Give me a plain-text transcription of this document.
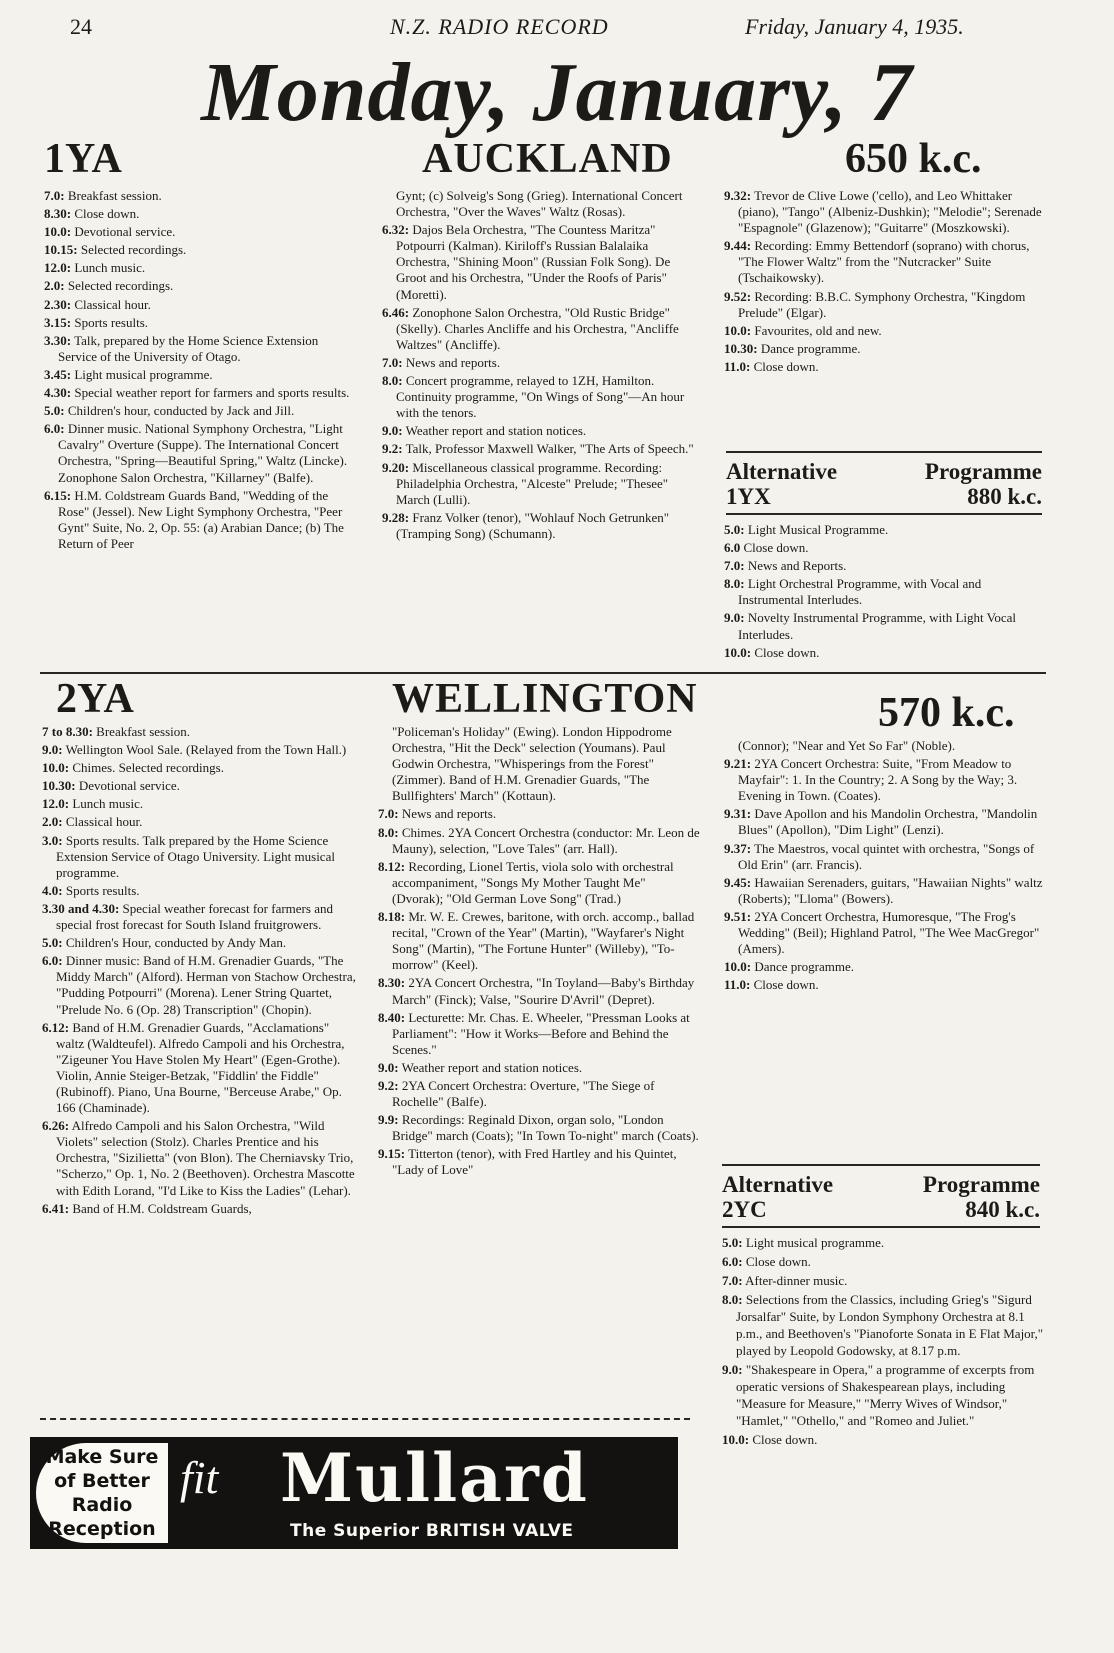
24	N.Z. RADIO RECORD	Friday, January 4, 1935.
Monday, January, 7
1YA	AUCKLAND	650 k.c.

7.0: Breakfast session.

8.30: Close down.

10.0: Devotional service.

10.15: Selected recordings.

12.0: Lunch music.

2.0: Selected recordings.

2.30: Classical hour.

3.15: Sports results.

3.30: Talk, prepared by the Home Science Extension Service of the University of Otago.

3.45: Light musical programme.

4.30: Special weather report for farmers and sports results.

5.0: Children's hour, conducted by Jack and Jill.

6.0: Dinner music. National Symphony Orchestra, "Light Cavalry" Overture (Suppe). The International Concert Orchestra, "Spring—Beautiful Spring," Waltz (Lincke). Zonophone Salon Orchestra, "Killarney" (Balfe).

6.15: H.M. Coldstream Guards Band, "Wedding of the Rose" (Jessel). New Light Symphony Orchestra, "Peer Gynt" Suite, No. 2, Op. 55: (a) Arabian Dance; (b) The Return of Peer

Gynt; (c) Solveig's Song (Grieg). International Concert Orchestra, "Over the Waves" Waltz (Rosas).

6.32: Dajos Bela Orchestra, "The Countess Maritza" Potpourri (Kalman). Kiriloff's Russian Balalaika Orchestra, "Shining Moon" (Russian Folk Song). De Groot and his Orchestra, "Under the Roofs of Paris" (Moretti).

6.46: Zonophone Salon Orchestra, "Old Rustic Bridge" (Skelly). Charles Ancliffe and his Orchestra, "Ancliffe Waltzes" (Ancliffe).

7.0: News and reports.

8.0: Concert programme, relayed to 1ZH, Hamilton. Continuity programme, "On Wings of Song"—An hour with the tenors.

9.0: Weather report and station notices.

9.2: Talk, Professor Maxwell Walker, "The Arts of Speech."

9.20: Miscellaneous classical programme. Recording: Philadelphia Orchestra, "Alceste" Prelude; "Thesee" March (Lulli).

9.28: Franz Volker (tenor), "Wohlauf Noch Getrunken" (Tramping Song) (Schumann).

9.32: Trevor de Clive Lowe ('cello), and Leo Whittaker (piano), "Tango" (Albeniz-Dushkin); "Melodie"; Serenade "Espagnole" (Glazenow); "Guitarre" (Moszkowski).

9.44: Recording: Emmy Bettendorf (soprano) with chorus, "The Flower Waltz" from the "Nutcracker" Suite (Tschaikowsky).

9.52: Recording: B.B.C. Symphony Orchestra, "Kingdom Prelude" (Elgar).

10.0: Favourites, old and new.

10.30: Dance programme.

11.0: Close down.

Alternative	Programme
1YX	880 k.c.

5.0: Light Musical Programme.

6.0 Close down.

7.0: News and Reports.

8.0: Light Orchestral Programme, with Vocal and Instrumental Interludes.

9.0: Novelty Instrumental Programme, with Light Vocal Interludes.

10.0: Close down.

2YA	WELLINGTON	570 k.c.

7 to 8.30: Breakfast session.

9.0: Wellington Wool Sale. (Relayed from the Town Hall.)

10.0: Chimes. Selected recordings.

10.30: Devotional service.

12.0: Lunch music.

2.0: Classical hour.

3.0: Sports results. Talk prepared by the Home Science Extension Service of Otago University. Light musical programme.

4.0: Sports results.

3.30 and 4.30: Special weather forecast for farmers and special frost forecast for South Island fruitgrowers.

5.0: Children's Hour, conducted by Andy Man.

6.0: Dinner music: Band of H.M. Grenadier Guards, "The Middy March" (Alford). Herman von Stachow Orchestra, "Pudding Potpourri" (Morena). Lener String Quartet, "Prelude No. 6 (Op. 28) Transcription" (Chopin).

6.12: Band of H.M. Grenadier Guards, "Acclamations" waltz (Waldteufel). Alfredo Campoli and his Orchestra, "Zigeuner You Have Stolen My Heart" (Egen-Grothe). Violin, Annie Steiger-Betzak, "Fiddlin' the Fiddle" (Rubinoff). Piano, Una Bourne, "Berceuse Arabe," Op. 166 (Chaminade).

6.26: Alfredo Campoli and his Salon Orchestra, "Wild Violets" selection (Stolz). Charles Prentice and his Orchestra, "Sizilietta" (von Blon). The Cherniavsky Trio, "Scherzo," Op. 1, No. 2 (Beethoven). Orchestra Mascotte with Edith Lorand, "I'd Like to Kiss the Ladies" (Lehar).

6.41: Band of H.M. Coldstream Guards,

"Policeman's Holiday" (Ewing). London Hippodrome Orchestra, "Hit the Deck" selection (Youmans). Paul Godwin Orchestra, "Whisperings from the Forest" (Zimmer). Band of H.M. Grenadier Guards, "The Bullfighters' March" (Kottaun).

7.0: News and reports.

8.0: Chimes. 2YA Concert Orchestra (conductor: Mr. Leon de Mauny), selection, "Love Tales" (arr. Hall).

8.12: Recording, Lionel Tertis, viola solo with orchestral accompaniment, "Songs My Mother Taught Me" (Dvorak); "Old German Love Song" (Trad.)

8.18: Mr. W. E. Crewes, baritone, with orch. accomp., ballad recital, "Crown of the Year" (Martin), "Wayfarer's Night Song" (Martin), "The Fortune Hunter" (Willeby), "To-morrow" (Keel).

8.30: 2YA Concert Orchestra, "In Toyland—Baby's Birthday March" (Finck); Valse, "Sourire D'Avril" (Depret).

8.40: Lecturette: Mr. Chas. E. Wheeler, "Pressman Looks at Parliament": "How it Works—Before and Behind the Scenes."

9.0: Weather report and station notices.

9.2: 2YA Concert Orchestra: Overture, "The Siege of Rochelle" (Balfe).

9.9: Recordings: Reginald Dixon, organ solo, "London Bridge" march (Coats); "In Town To-night" march (Coats).

9.15: Titterton (tenor), with Fred Hartley and his Quintet, "Lady of Love"

(Connor); "Near and Yet So Far" (Noble).

9.21: 2YA Concert Orchestra: Suite, "From Meadow to Mayfair": 1. In the Country; 2. A Song by the Way; 3. Evening in Town. (Coates).

9.31: Dave Apollon and his Mandolin Orchestra, "Mandolin Blues" (Apollon), "Dim Light" (Lenzi).

9.37: The Maestros, vocal quintet with orchestra, "Songs of Old Erin" (arr. Francis).

9.45: Hawaiian Serenaders, guitars, "Hawaiian Nights" waltz (Roberts); "Lloma" (Bowers).

9.51: 2YA Concert Orchestra, Humoresque, "The Frog's Wedding" (Beil); Highland Patrol, "The Wee MacGregor" (Amers).

10.0: Dance programme.

11.0: Close down.

Alternative	Programme
2YC	840 k.c.

5.0: Light musical programme.

6.0: Close down.

7.0: After-dinner music.

8.0: Selections from the Classics, including Grieg's "Sigurd Jorsalfar" Suite, by London Symphony Orchestra at 8.1 p.m., and Beethoven's "Pianoforte Sonata in E Flat Major," played by Leopold Godowsky, at 8.17 p.m.

9.0: "Shakespeare in Opera," a programme of excerpts from operatic versions of Shakespearean plays, including "Measure for Measure," "Merry Wives of Windsor," "Hamlet," "Othello," and "Romeo and Juliet."

10.0: Close down.

Make Sure of Better Radio Reception
fit Mullard
The Superior BRITISH VALVE
